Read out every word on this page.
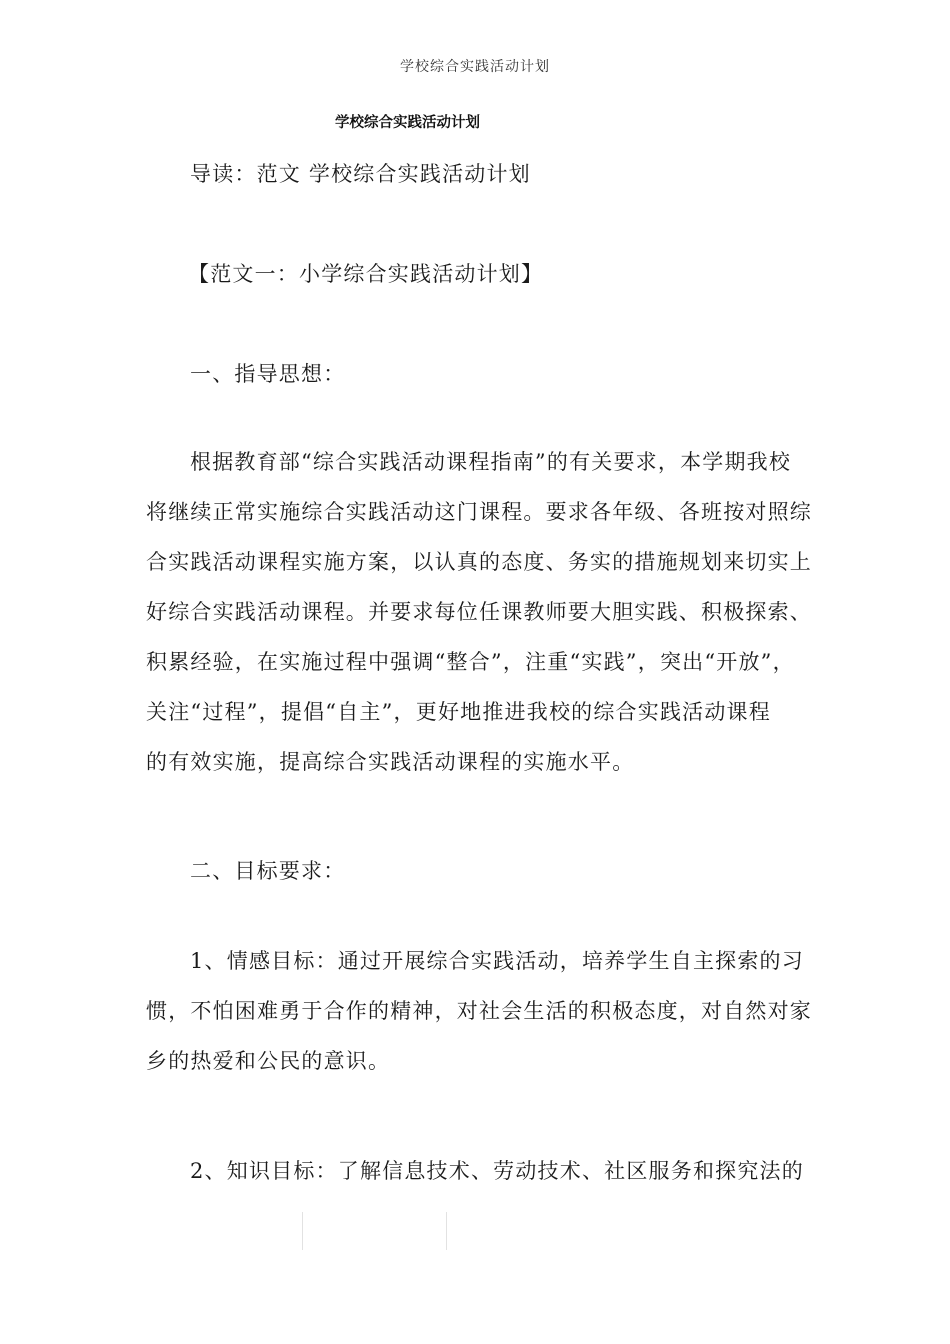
学校综合实践活动计划
学校综合实践活动计划
导读：范文 学校综合实践活动计划
【范文一：小学综合实践活动计划】
一、指导思想：
根据教育部“综合实践活动课程指南”的有关要求，本学期我校
将继续正常实施综合实践活动这门课程。要求各年级、各班按对照综
合实践活动课程实施方案，以认真的态度、务实的措施规划来切实上
好综合实践活动课程。并要求每位任课教师要大胆实践、积极探索、
积累经验，在实施过程中强调“整合”，注重“实践”，突出“开放”，
关注“过程”，提倡“自主”，更好地推进我校的综合实践活动课程
的有效实施，提高综合实践活动课程的实施水平。
二、目标要求：
1、情感目标：通过开展综合实践活动，培养学生自主探索的习
惯，不怕困难勇于合作的精神，对社会生活的积极态度，对自然对家
乡的热爱和公民的意识。
2、知识目标：了解信息技术、劳动技术、社区服务和探究法的
